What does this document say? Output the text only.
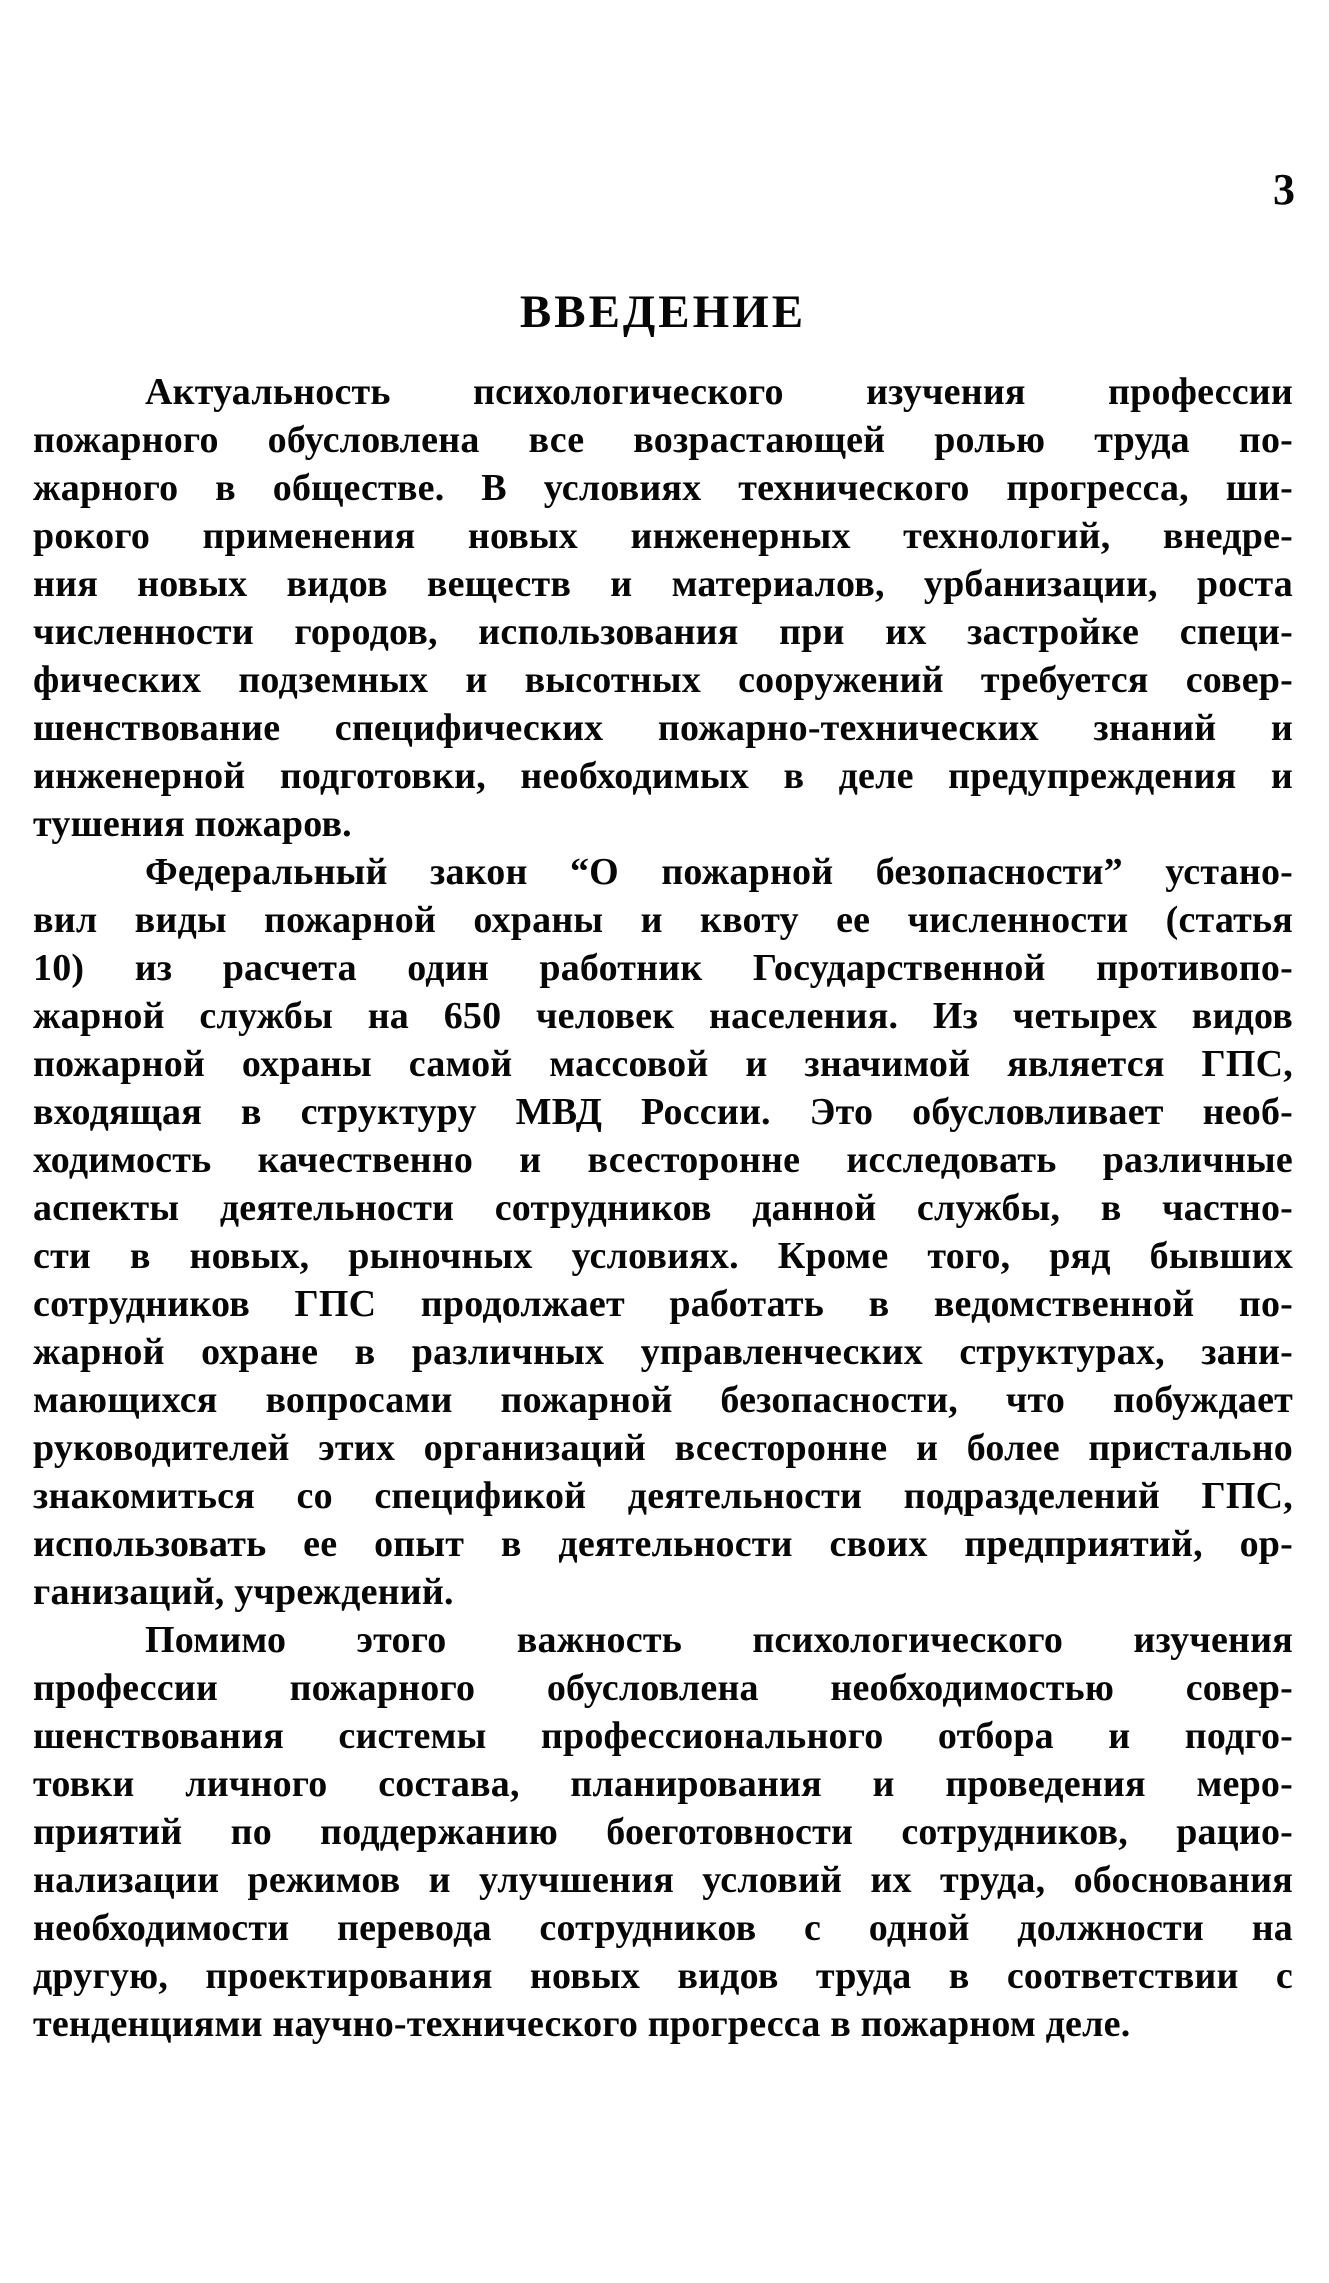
3
ВВЕДЕНИЕ
Актуальность психологического изучения профессии
пожарного обусловлена все возрастающей ролью труда по-
жарного в обществе. В условиях технического прогресса, ши-
рокого применения новых инженерных технологий, внедре-
ния новых видов веществ и материалов, урбанизации, роста
численности городов, использования при их застройке специ-
фических подземных и высотных сооружений требуется совер-
шенствование специфических пожарно-технических знаний и
инженерной подготовки, необходимых в деле предупреждения и
тушения пожаров.
Федеральный закон “О пожарной безопасности” устано-
вил виды пожарной охраны и квоту ее численности (статья
10) из расчета один работник Государственной противопо-
жарной службы на 650 человек населения. Из четырех видов
пожарной охраны самой массовой и значимой является ГПС,
входящая в структуру МВД России. Это обусловливает необ-
ходимость качественно и всесторонне исследовать различные
аспекты деятельности сотрудников данной службы, в частно-
сти в новых, рыночных условиях. Кроме того, ряд бывших
сотрудников ГПС продолжает работать в ведомственной по-
жарной охране в различных управленческих структурах, зани-
мающихся вопросами пожарной безопасности, что побуждает
руководителей этих организаций всесторонне и более пристально
знакомиться со спецификой деятельности подразделений ГПС,
использовать ее опыт в деятельности своих предприятий, ор-
ганизаций, учреждений.
Помимо этого важность психологического изучения
профессии пожарного обусловлена необходимостью совер-
шенствования системы профессионального отбора и подго-
товки личного состава, планирования и проведения меро-
приятий по поддержанию боеготовности сотрудников, рацио-
нализации режимов и улучшения условий их труда, обоснования
необходимости перевода сотрудников с одной должности на
другую, проектирования новых видов труда в соответствии с
тенденциями научно-технического прогресса в пожарном деле.
